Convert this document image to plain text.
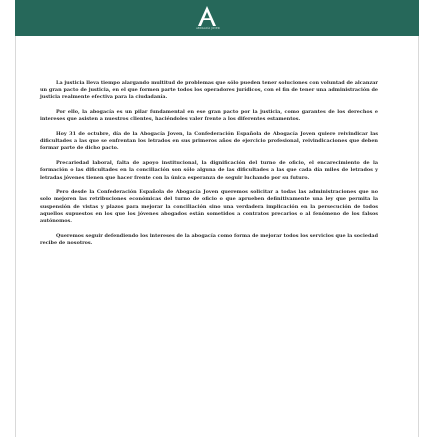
ABOGACÍA JOVEN

La justicia lleva tiempo alargando multitud de problemas que sólo pueden tener soluciones con voluntad de alcanzar un gran pacto de justicia, en el que formen parte todos los operadores jurídicos, con el fin de tener una administración de justicia realmente efectiva para la ciudadanía.

Por ello, la abogacía es un pilar fundamental en ese gran pacto por la justicia, como garantes de los derechos e intereses que asisten a nuestros clientes, haciéndoles valer frente a los diferentes estamentos.

Hoy 31 de octubre, día de la Abogacía Joven, la Confederación Española de Abogacía Joven quiere reivindicar las dificultades a las que se enfrentan los letrados en sus primeros años de ejercicio profesional, reivindicaciones que deben formar parte de dicho pacto.

Precariedad laboral, falta de apoyo institucional, la dignificación del turno de oficio, el encarecimiento de la formación o las dificultades en la conciliación son sólo alguna de las dificultades a las que cada día miles de letrados y letradas jóvenes tienen que hacer frente con la única esperanza de seguir luchando por su futuro.

Pero desde la Confederación Española de Abogacía Joven queremos solicitar a todas las administraciones que no solo mejoren las retribuciones económicas del turno de oficio o que aprueben definitivamente una ley que permita la suspensión de vistas y plazos para mejorar la conciliación sino una verdadera implicación en la persecución de todos aquellos supuestos en los que los jóvenes abogados están sometidos a contratos precarios o al fenómeno de los falsos autónomos.

Queremos seguir defendiendo los intereses de la abogacía como forma de mejorar todos los servicios que la sociedad recibe de nosotros.
